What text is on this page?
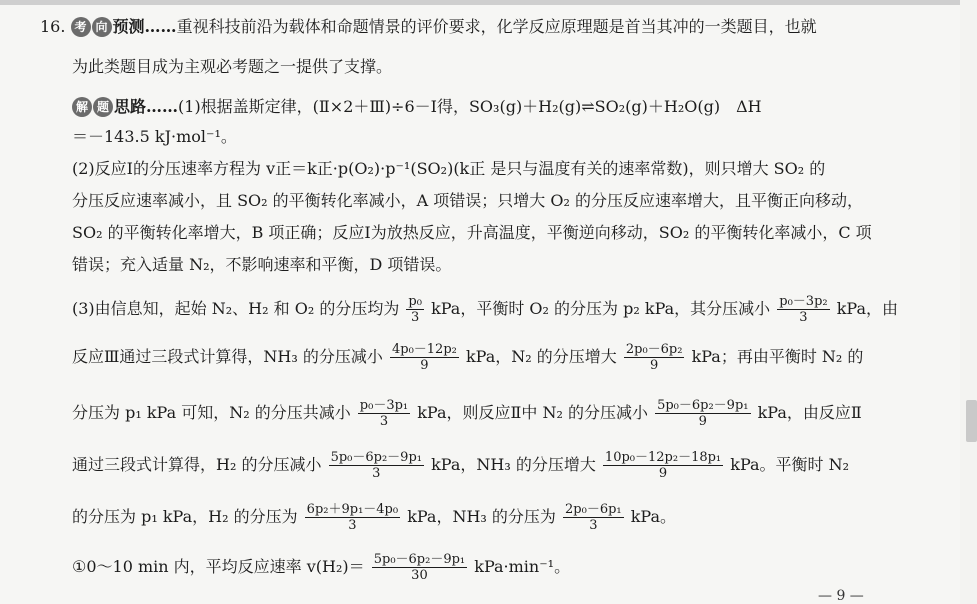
16. 考 向 预测……重视科技前沿为载体和命题情景的评价要求，化学反应原理题是首当其冲的一类题目，也就
为此类题目成为主观必考题之一提供了支撑。
解 题 思路……(1)根据盖斯定律，(Ⅱ×2＋Ⅲ)÷6－Ⅰ得，SO₃(g)＋H₂(g)⇌SO₂(g)＋H₂O(g)　ΔH
＝－143.5 kJ·mol⁻¹。
(2)反应Ⅰ的分压速率方程为 v正＝k正·p(O₂)·p⁻¹(SO₂)(k正 是只与温度有关的速率常数)，则只增大 SO₂ 的
分压反应速率减小，且 SO₂ 的平衡转化率减小，A 项错误；只增大 O₂ 的分压反应速率增大，且平衡正向移动，
SO₂ 的平衡转化率增大，B 项正确；反应Ⅰ为放热反应，升高温度，平衡逆向移动，SO₂ 的平衡转化率减小，C 项
错误；充入适量 N₂，不影响速率和平衡，D 项错误。
(3)由信息知，起始 N₂、H₂ 和 O₂ 的分压均为 $\frac{\text{p₀}}{3}$ kPa，平衡时 O₂ 的分压为 p₂ kPa，其分压减小 $\frac{\text{p₀－3p₂}}{3}$ kPa，由
反应Ⅲ通过三段式计算得，NH₃ 的分压减小 $\frac{\text{4p₀－12p₂}}{9}$ kPa，N₂ 的分压增大 $\frac{\text{2p₀－6p₂}}{9}$ kPa；再由平衡时 N₂ 的
分压为 p₁ kPa 可知，N₂ 的分压共减小 $\frac{\text{p₀－3p₁}}{3}$ kPa，则反应Ⅱ中 N₂ 的分压减小 $\frac{\text{5p₀－6p₂－9p₁}}{9}$ kPa，由反应Ⅱ
通过三段式计算得，H₂ 的分压减小 $\frac{\text{5p₀－6p₂－9p₁}}{3}$ kPa，NH₃ 的分压增大 $\frac{\text{10p₀－12p₂－18p₁}}{9}$ kPa。平衡时 N₂
的分压为 p₁ kPa，H₂ 的分压为 $\frac{\text{6p₂＋9p₁－4p₀}}{3}$ kPa，NH₃ 的分压为 $\frac{\text{2p₀－6p₁}}{3}$ kPa。
①0～10 min 内，平均反应速率 $v(H_2)= \frac{\text{5p₀－6p₂－9p₁}}{30} kPa\cdot\min^{-1}$。
— 9 —
